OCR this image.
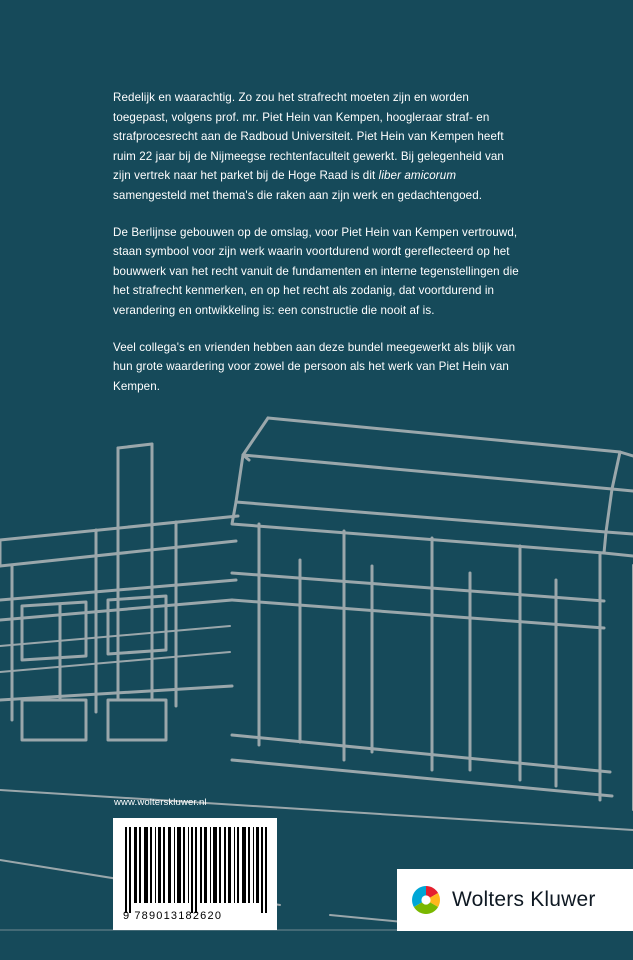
Redelijk en waarachtig. Zo zou het strafrecht moeten zijn en worden toegepast, volgens prof. mr. Piet Hein van Kempen, hoogleraar straf- en strafprocesrecht aan de Radboud Universiteit. Piet Hein van Kempen heeft ruim 22 jaar bij de Nijmeegse rechtenfaculteit gewerkt. Bij gelegenheid van zijn vertrek naar het parket bij de Hoge Raad is dit liber amicorum samengesteld met thema's die raken aan zijn werk en gedachtengoed.

De Berlijnse gebouwen op de omslag, voor Piet Hein van Kempen vertrouwd, staan symbool voor zijn werk waarin voortdurend wordt gereflecteerd op het bouwwerk van het recht vanuit de fundamenten en interne tegenstellingen die het strafrecht kenmerken, en op het recht als zodanig, dat voortdurend in verandering en ontwikkeling is: een constructie die nooit af is.

Veel collega's en vrienden hebben aan deze bundel meegewerkt als blijk van hun grote waardering voor zowel de persoon als het werk van Piet Hein van Kempen.

www.wolterskluwer.nl
9 789013182620
Wolters Kluwer
